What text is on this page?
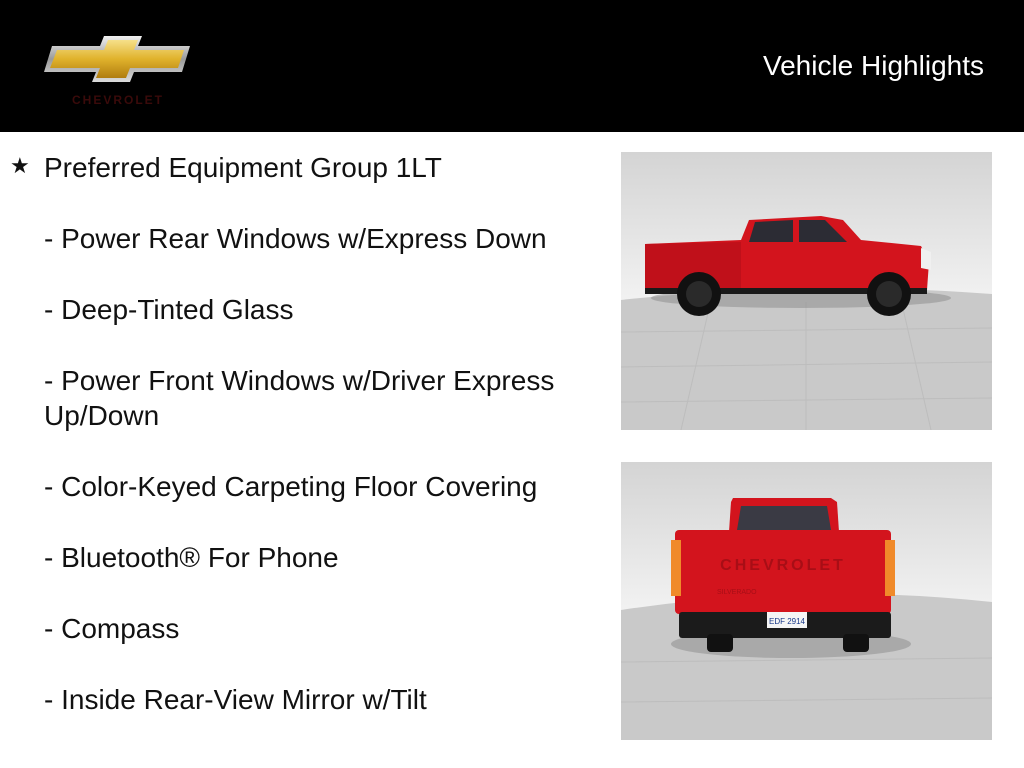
CHEVROLET
Vehicle Highlights
★ Preferred Equipment Group 1LT

- Power Rear Windows w/Express Down

- Deep-Tinted Glass

- Power Front Windows w/Driver Express Up/Down

- Color-Keyed Carpeting Floor Covering

- Bluetooth® For Phone

- Compass

- Inside Rear-View Mirror w/Tilt

CHEVROLET
SILVERADO
EDF 2914
